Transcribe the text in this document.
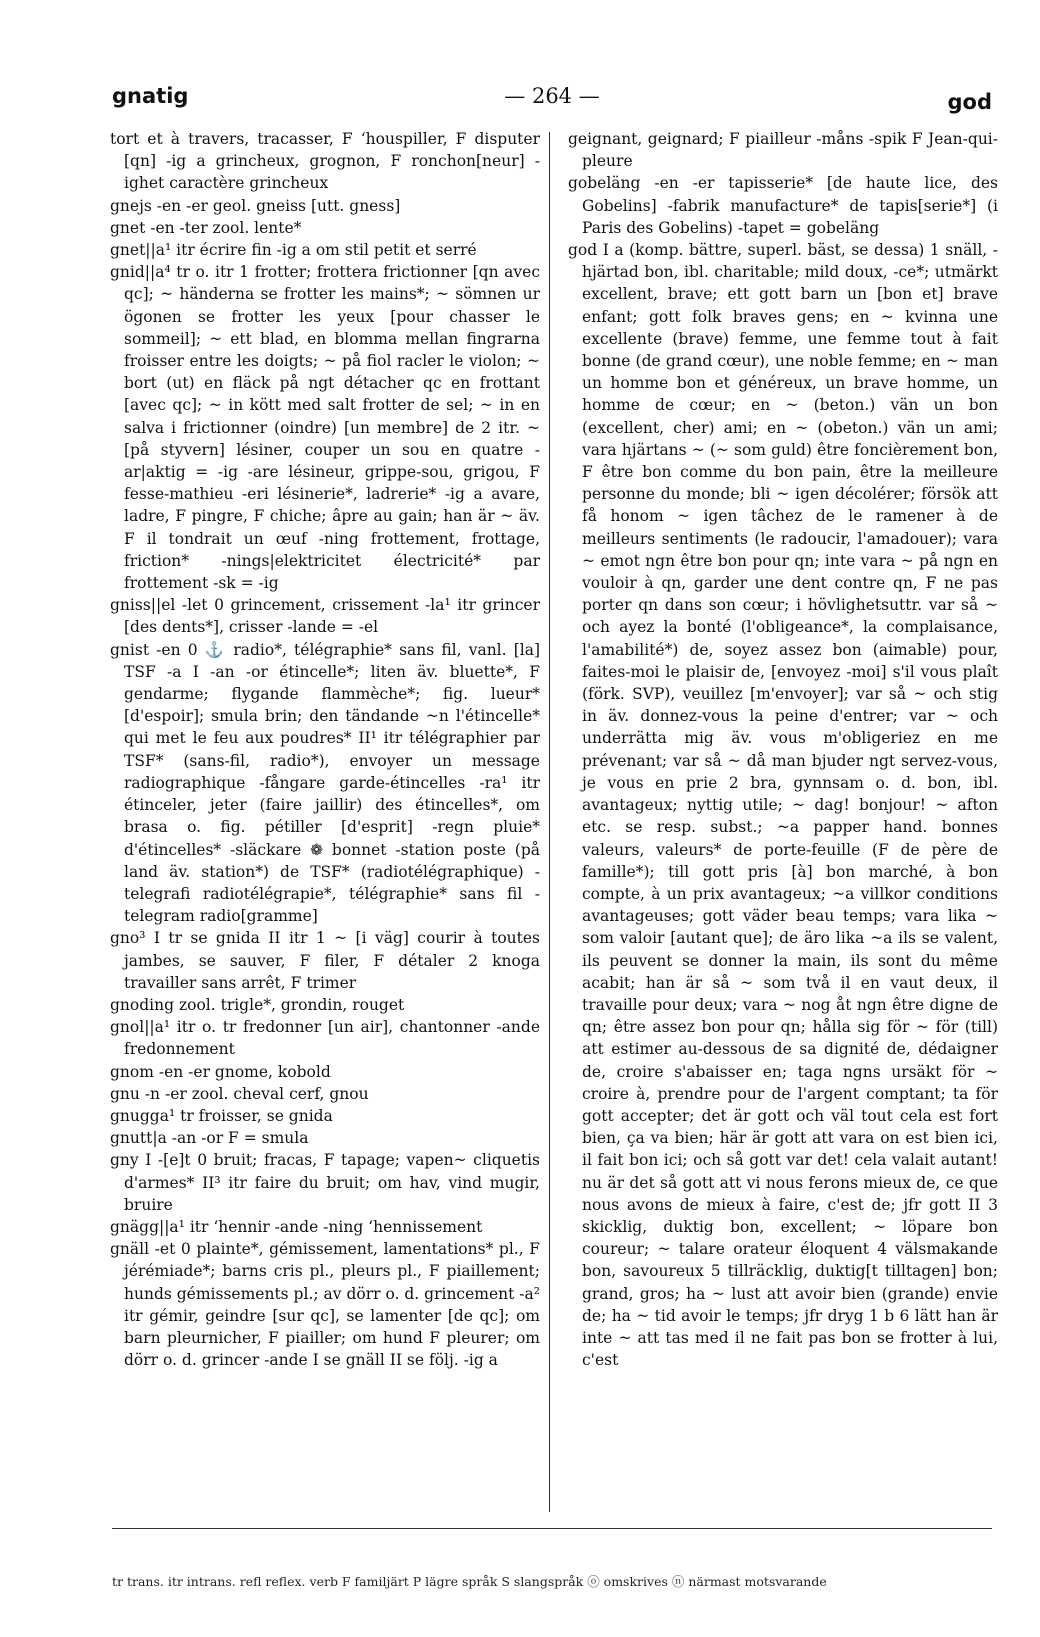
gnatig	— 264 —	god

tort et à travers, tracasser, F ʻhouspiller, F disputer [qn] -ig a grincheux, grognon, F ronchon[neur] -ighet caractère grincheux

gnejs -en -er geol. gneiss [utt. gness]

gnet -en -ter zool. lente*

gnet||a¹ itr écrire fin -ig a om stil petit et serré

gnid||a⁴ tr o. itr 1 frotter; frottera frictionner [qn avec qc]; ~ händerna se frotter les mains*; ~ sömnen ur ögonen se frotter les yeux [pour chasser le sommeil]; ~ ett blad, en blomma mellan fingrarna froisser entre les doigts; ~ på fiol racler le violon; ~ bort (ut) en fläck på ngt détacher qc en frottant [avec qc]; ~ in kött med salt frotter de sel; ~ in en salva i frictionner (oindre) [un membre] de 2 itr. ~ [på styvern] lésiner, couper un sou en quatre -ar|aktig = -ig -are lésineur, grippe-sou, grigou, F fesse-mathieu -eri lésinerie*, ladrerie* -ig a avare, ladre, F pingre, F chiche; âpre au gain; han är ~ äv. F il tondrait un œuf -ning frottement, frottage, friction* -nings|elektricitet électricité* par frottement -sk = -ig

gniss||el -let 0 grincement, crissement -la¹ itr grincer [des dents*], crisser -lande = -el

gnist -en 0 ⚓ radio*, télégraphie* sans fil, vanl. [la] TSF -a I -an -or étincelle*; liten äv. bluette*, F gendarme; flygande flammèche*; fig. lueur* [d'espoir]; smula brin; den tändande ~n l'étincelle* qui met le feu aux poudres* II¹ itr télégraphier par TSF* (sans-fil, radio*), envoyer un message radiographique -fångare garde-étincelles -ra¹ itr étinceler, jeter (faire jaillir) des étincelles*, om brasa o. fig. pétiller [d'esprit] -regn pluie* d'étincelles* -släckare ❁ bonnet -station poste (på land äv. station*) de TSF* (radiotélégraphique) -telegrafi radiotélégrapie*, télégraphie* sans fil -telegram radio[gramme]

gno³ I tr se gnida II itr 1 ~ [i väg] courir à toutes jambes, se sauver, F filer, F détaler 2 knoga travailler sans arrêt, F trimer

gnoding zool. trigle*, grondin, rouget

gnol||a¹ itr o. tr fredonner [un air], chantonner -ande fredonnement

gnom -en -er gnome, kobold

gnu -n -er zool. cheval cerf, gnou

gnugga¹ tr froisser, se gnida

gnutt|a -an -or F = smula

gny I -[e]t 0 bruit; fracas, F tapage; vapen~ cliquetis d'armes* II³ itr faire du bruit; om hav, vind mugir, bruire

gnägg||a¹ itr ʻhennir -ande -ning ʻhennissement

gnäll -et 0 plainte*, gémissement, lamentations* pl., F jérémiade*; barns cris pl., pleurs pl., F piaillement; hunds gémissements pl.; av dörr o. d. grincement -a² itr gémir, geindre [sur qc], se lamenter [de qc]; om barn pleurnicher, F piailler; om hund F pleurer; om dörr o. d. grincer -ande I se gnäll II se följ. -ig a

geignant, geignard; F piailleur -måns -spik F Jean-qui-pleure

gobeläng -en -er tapisserie* [de haute lice, des Gobelins] -fabrik manufacture* de tapis[serie*] (i Paris des Gobelins) -tapet = gobeläng

god I a (komp. bättre, superl. bäst, se dessa) 1 snäll, -hjärtad bon, ibl. charitable; mild doux, -ce*; utmärkt excellent, brave; ett gott barn un [bon et] brave enfant; gott folk braves gens; en ~ kvinna une excellente (brave) femme, une femme tout à fait bonne (de grand cœur), une noble femme; en ~ man un homme bon et généreux, un brave homme, un homme de cœur; en ~ (beton.) vän un bon (excellent, cher) ami; en ~ (obeton.) vän un ami; vara hjärtans ~ (~ som guld) être foncièrement bon, F être bon comme du bon pain, être la meilleure personne du monde; bli ~ igen décolérer; försök att få honom ~ igen tâchez de le ramener à de meilleurs sentiments (le radoucir, l'amadouer); vara ~ emot ngn être bon pour qn; inte vara ~ på ngn en vouloir à qn, garder une dent contre qn, F ne pas porter qn dans son cœur; i hövlighetsuttr. var så ~ och ayez la bonté (l'obligeance*, la complaisance, l'amabilité*) de, soyez assez bon (aimable) pour, faites-moi le plaisir de, [envoyez -moi] s'il vous plaît (förk. SVP), veuillez [m'envoyer]; var så ~ och stig in äv. donnez-vous la peine d'entrer; var ~ och underrätta mig äv. vous m'obligeriez en me prévenant; var så ~ då man bjuder ngt servez-vous, je vous en prie 2 bra, gynnsam o. d. bon, ibl. avantageux; nyttig utile; ~ dag! bonjour! ~ afton etc. se resp. subst.; ~a papper hand. bonnes valeurs, valeurs* de porte-feuille (F de père de famille*); till gott pris [à] bon marché, à bon compte, à un prix avantageux; ~a villkor conditions avantageuses; gott väder beau temps; vara lika ~ som valoir [autant que]; de äro lika ~a ils se valent, ils peuvent se donner la main, ils sont du même acabit; han är så ~ som två il en vaut deux, il travaille pour deux; vara ~ nog åt ngn être digne de qn; être assez bon pour qn; hålla sig för ~ för (till) att estimer au-dessous de sa dignité de, dédaigner de, croire s'abaisser en; taga ngns ursäkt för ~ croire à, prendre pour de l'argent comptant; ta för gott accepter; det är gott och väl tout cela est fort bien, ça va bien; här är gott att vara on est bien ici, il fait bon ici; och så gott var det! cela valait autant! nu är det så gott att vi nous ferons mieux de, ce que nous avons de mieux à faire, c'est de; jfr gott II 3 skicklig, duktig bon, excellent; ~ löpare bon coureur; ~ talare orateur éloquent 4 välsmakande bon, savoureux 5 tillräcklig, duktig[t tilltagen] bon; grand, gros; ha ~ lust att avoir bien (grande) envie de; ha ~ tid avoir le temps; jfr dryg 1 b 6 lätt han är inte ~ att tas med il ne fait pas bon se frotter à lui, c'est

tr trans. itr intrans. refl reflex. verb F familjärt P lägre språk S slangspråk ⓞ omskrives ⓝ närmast motsvarande
